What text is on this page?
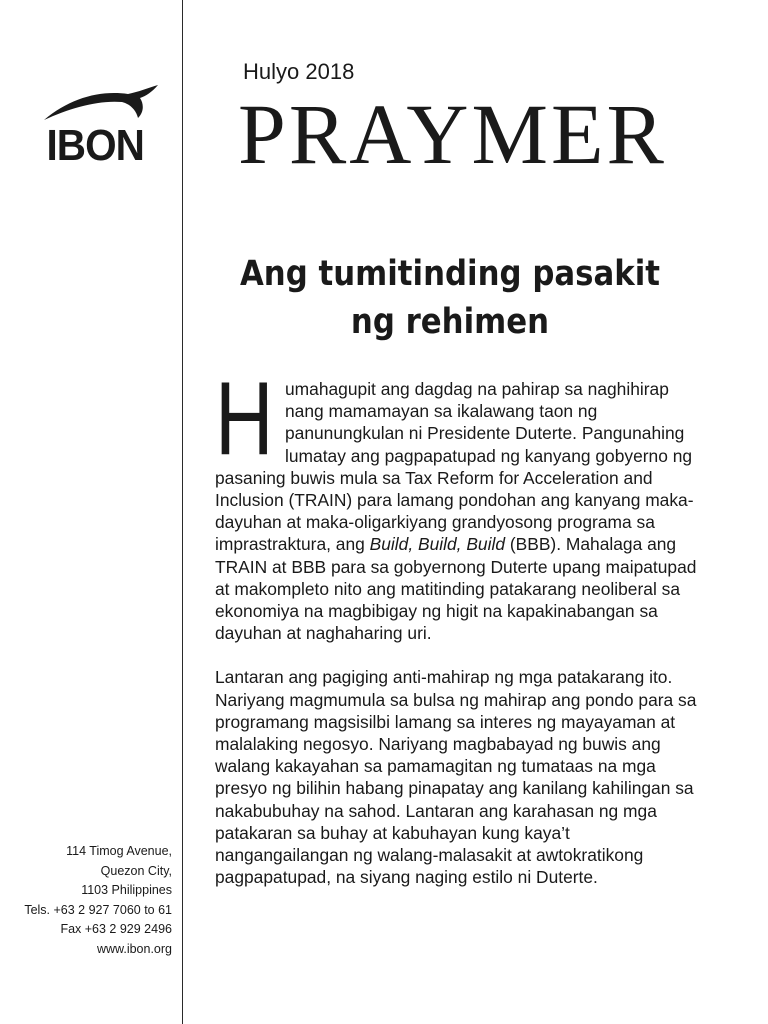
IBON
Hulyo 2018
PRAYMER
Ang tumitinding pasakit
ng rehimen

Humahagupit ang dagdag na pahirap sa naghihirap nang mamamayan sa ikalawang taon ng panunungkulan ni Presidente Duterte. Pangunahing lumatay ang pagpapatupad ng kanyang gobyerno ng pasaning buwis mula sa Tax Reform for Acceleration and Inclusion (TRAIN) para lamang pondohan ang kanyang maka-dayuhan at maka-oligarkiyang grandyosong programa sa imprastraktura, ang Build, Build, Build (BBB). Mahalaga ang TRAIN at BBB para sa gobyernong Duterte upang maipatupad at makompleto nito ang matitinding patakarang neoliberal sa ekonomiya na magbibigay ng higit na kapakinabangan sa dayuhan at naghaharing uri.

Lantaran ang pagiging anti-mahirap ng mga patakarang ito. Nariyang magmumula sa bulsa ng mahirap ang pondo para sa programang magsisilbi lamang sa interes ng mayayaman at malalaking negosyo. Nariyang magbabayad ng buwis ang walang kakayahan sa pamamagitan ng tumataas na mga presyo ng bilihin habang pinapatay ang kanilang kahilingan sa nakabubuhay na sahod. Lantaran ang karahasan ng mga patakaran sa buhay at kabuhayan kung kaya’t nangangailangan ng walang-malasakit at awtokratikong pagpapatupad, na siyang naging estilo ni Duterte.

114 Timog Avenue,
Quezon City,
1103 Philippines
Tels. +63 2 927 7060 to 61
Fax +63 2 929 2496
www.ibon.org
